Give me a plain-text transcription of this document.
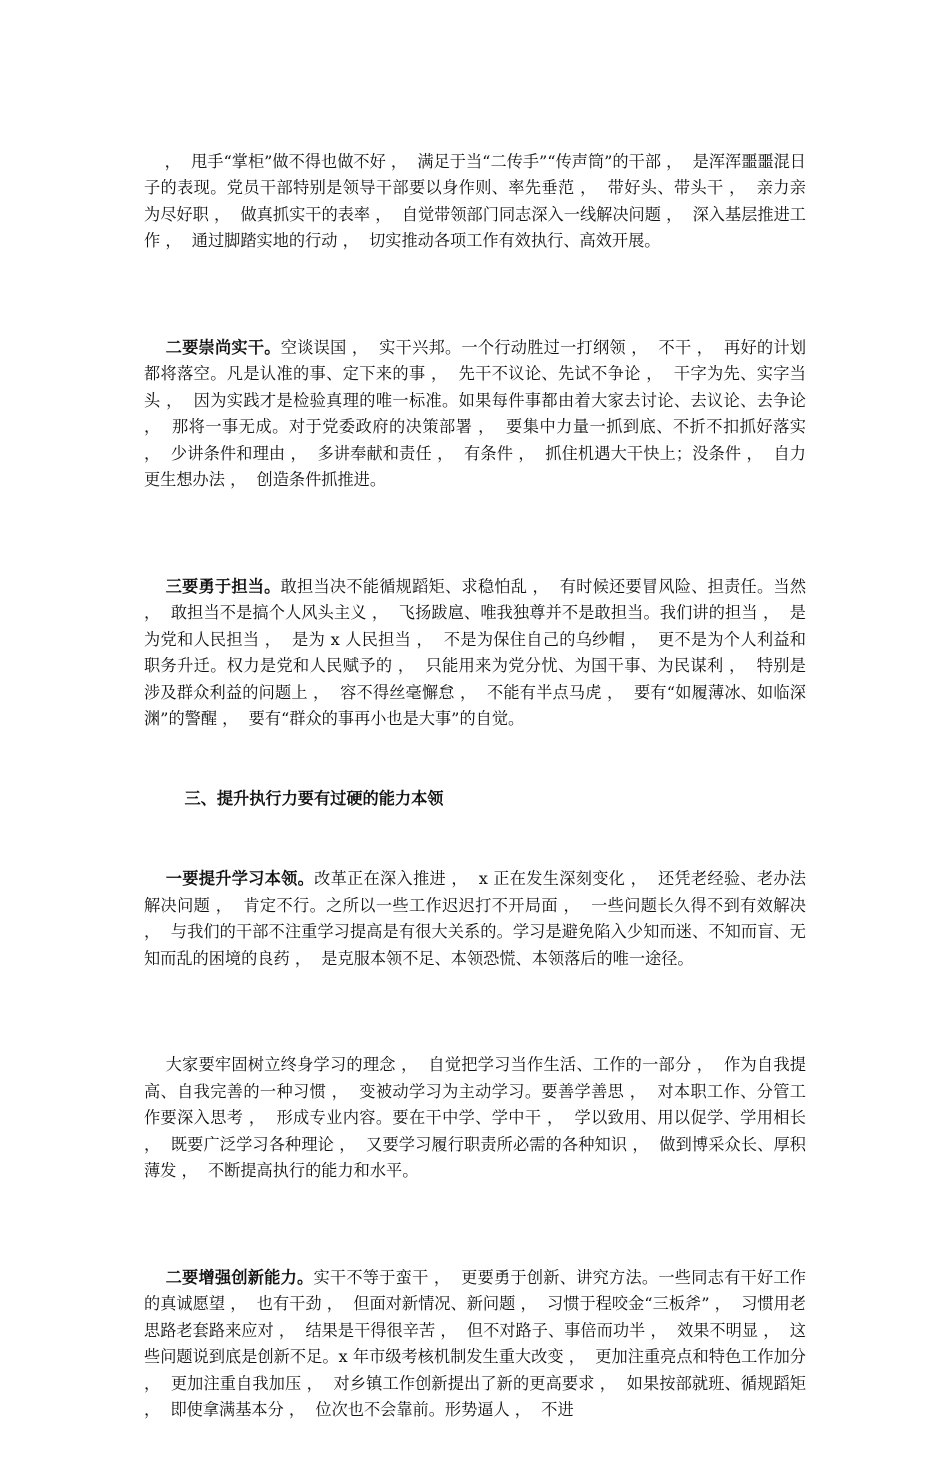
，  甩手“掌柜”做不得也做不好 ，  满足于当“二传手”“传声筒”的干部 ，  是浑浑噩噩混日子的表现。党员干部特别是领导干部要以身作则、率先垂范 ，  带好头、带头干 ，  亲力亲为尽好职 ，  做真抓实干的表率 ，  自觉带领部门同志深入一线解决问题 ，  深入基层推进工作 ，  通过脚踏实地的行动 ，  切实推动各项工作有效执行、高效开展。

二要崇尚实干。空谈误国 ，  实干兴邦。一个行动胜过一打纲领 ，  不干 ，  再好的计划都将落空。凡是认准的事、定下来的事 ，  先干不议论、先试不争论 ，  干字为先、实字当头 ，  因为实践才是检验真理的唯一标准。如果每件事都由着大家去讨论、去议论、去争论 ，  那将一事无成。对于党委政府的决策部署 ，  要集中力量一抓到底、不折不扣抓好落实 ，  少讲条件和理由 ，  多讲奉献和责任 ，  有条件 ，  抓住机遇大干快上；没条件 ，  自力更生想办法 ，  创造条件抓推进。

三要勇于担当。敢担当决不能循规蹈矩、求稳怕乱 ，  有时候还要冒风险、担责任。当然 ，  敢担当不是搞个人风头主义 ，  飞扬跋扈、唯我独尊并不是敢担当。我们讲的担当 ，  是为党和人民担当 ，  是为 x 人民担当 ，  不是为保住自己的乌纱帽 ，  更不是为个人利益和职务升迁。权力是党和人民赋予的 ，  只能用来为党分忧、为国干事、为民谋利 ，  特别是涉及群众利益的问题上 ，  容不得丝毫懈怠 ，  不能有半点马虎 ，  要有“如履薄冰、如临深渊”的警醒 ，  要有“群众的事再小也是大事”的自觉。

三、提升执行力要有过硬的能力本领

一要提升学习本领。改革正在深入推进 ，  x 正在发生深刻变化 ，  还凭老经验、老办法解决问题 ，  肯定不行。之所以一些工作迟迟打不开局面 ，  一些问题长久得不到有效解决 ，  与我们的干部不注重学习提高是有很大关系的。学习是避免陷入少知而迷、不知而盲、无知而乱的困境的良药 ，  是克服本领不足、本领恐慌、本领落后的唯一途径。

大家要牢固树立终身学习的理念 ，  自觉把学习当作生活、工作的一部分 ，  作为自我提高、自我完善的一种习惯 ，  变被动学习为主动学习。要善学善思 ，  对本职工作、分管工作要深入思考 ，  形成专业内容。要在干中学、学中干 ，  学以致用、用以促学、学用相长 ，  既要广泛学习各种理论 ，  又要学习履行职责所必需的各种知识 ，  做到博采众长、厚积薄发 ，  不断提高执行的能力和水平。

二要增强创新能力。实干不等于蛮干 ，  更要勇于创新、讲究方法。一些同志有干好工作的真诚愿望 ，  也有干劲 ，  但面对新情况、新问题 ，  习惯于程咬金“三板斧” ，  习惯用老思路老套路来应对 ，  结果是干得很辛苦 ，  但不对路子、事倍而功半 ，  效果不明显 ，  这些问题说到底是创新不足。x 年市级考核机制发生重大改变 ，  更加注重亮点和特色工作加分 ，  更加注重自我加压 ，  对乡镇工作创新提出了新的更高要求 ，  如果按部就班、循规蹈矩 ，  即使拿满基本分 ，  位次也不会靠前。形势逼人 ，  不进
